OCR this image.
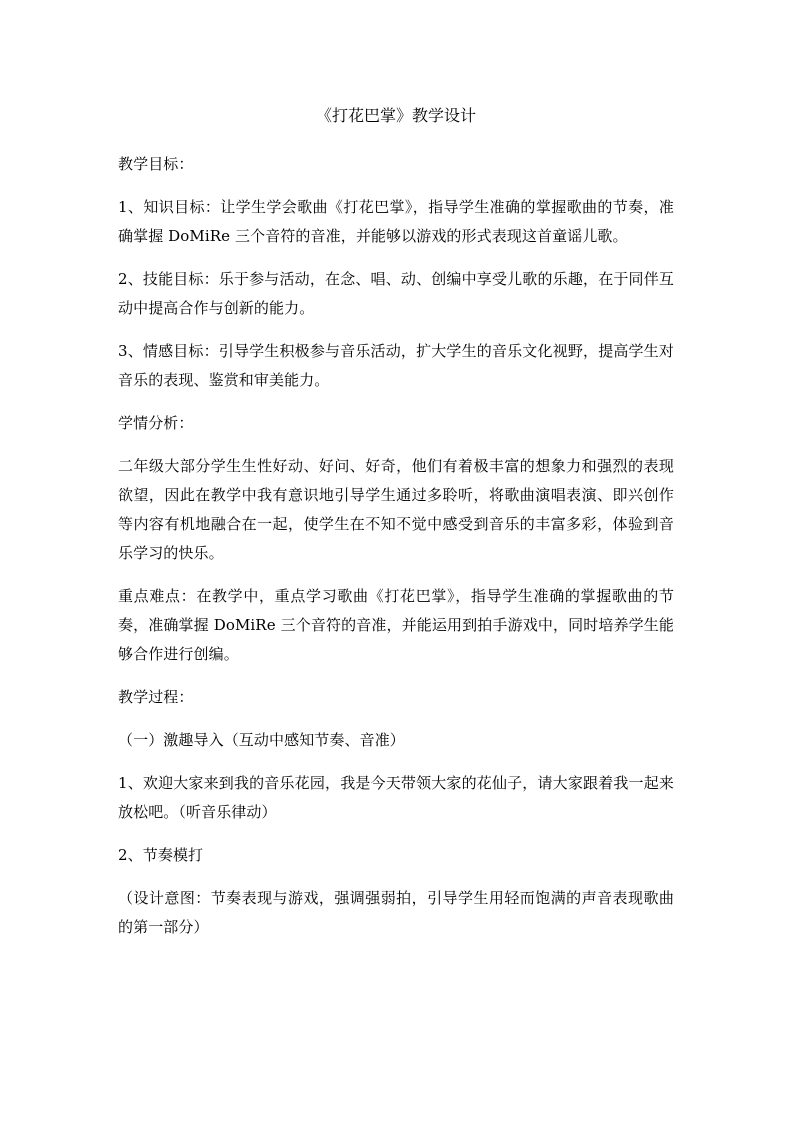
《打花巴掌》教学设计

教学目标：

1、知识目标：让学生学会歌曲《打花巴掌》，指导学生准确的掌握歌曲的节奏，准确掌握 DoMiRe 三个音符的音准，并能够以游戏的形式表现这首童谣儿歌。

2、技能目标：乐于参与活动，在念、唱、动、创编中享受儿歌的乐趣，在于同伴互动中提高合作与创新的能力。

3、情感目标：引导学生积极参与音乐活动，扩大学生的音乐文化视野，提高学生对音乐的表现、鉴赏和审美能力。

学情分析：

二年级大部分学生生性好动、好问、好奇，他们有着极丰富的想象力和强烈的表现欲望，因此在教学中我有意识地引导学生通过多聆听，将歌曲演唱表演、即兴创作等内容有机地融合在一起，使学生在不知不觉中感受到音乐的丰富多彩，体验到音乐学习的快乐。

重点难点：在教学中，重点学习歌曲《打花巴掌》，指导学生准确的掌握歌曲的节奏，准确掌握 DoMiRe 三个音符的音准，并能运用到拍手游戏中，同时培养学生能够合作进行创编。

教学过程：

（一）激趣导入（互动中感知节奏、音准）

1、欢迎大家来到我的音乐花园，我是今天带领大家的花仙子，请大家跟着我一起来放松吧。（听音乐律动）

2、节奏模打

（设计意图：节奏表现与游戏，强调强弱拍，引导学生用轻而饱满的声音表现歌曲的第一部分）
